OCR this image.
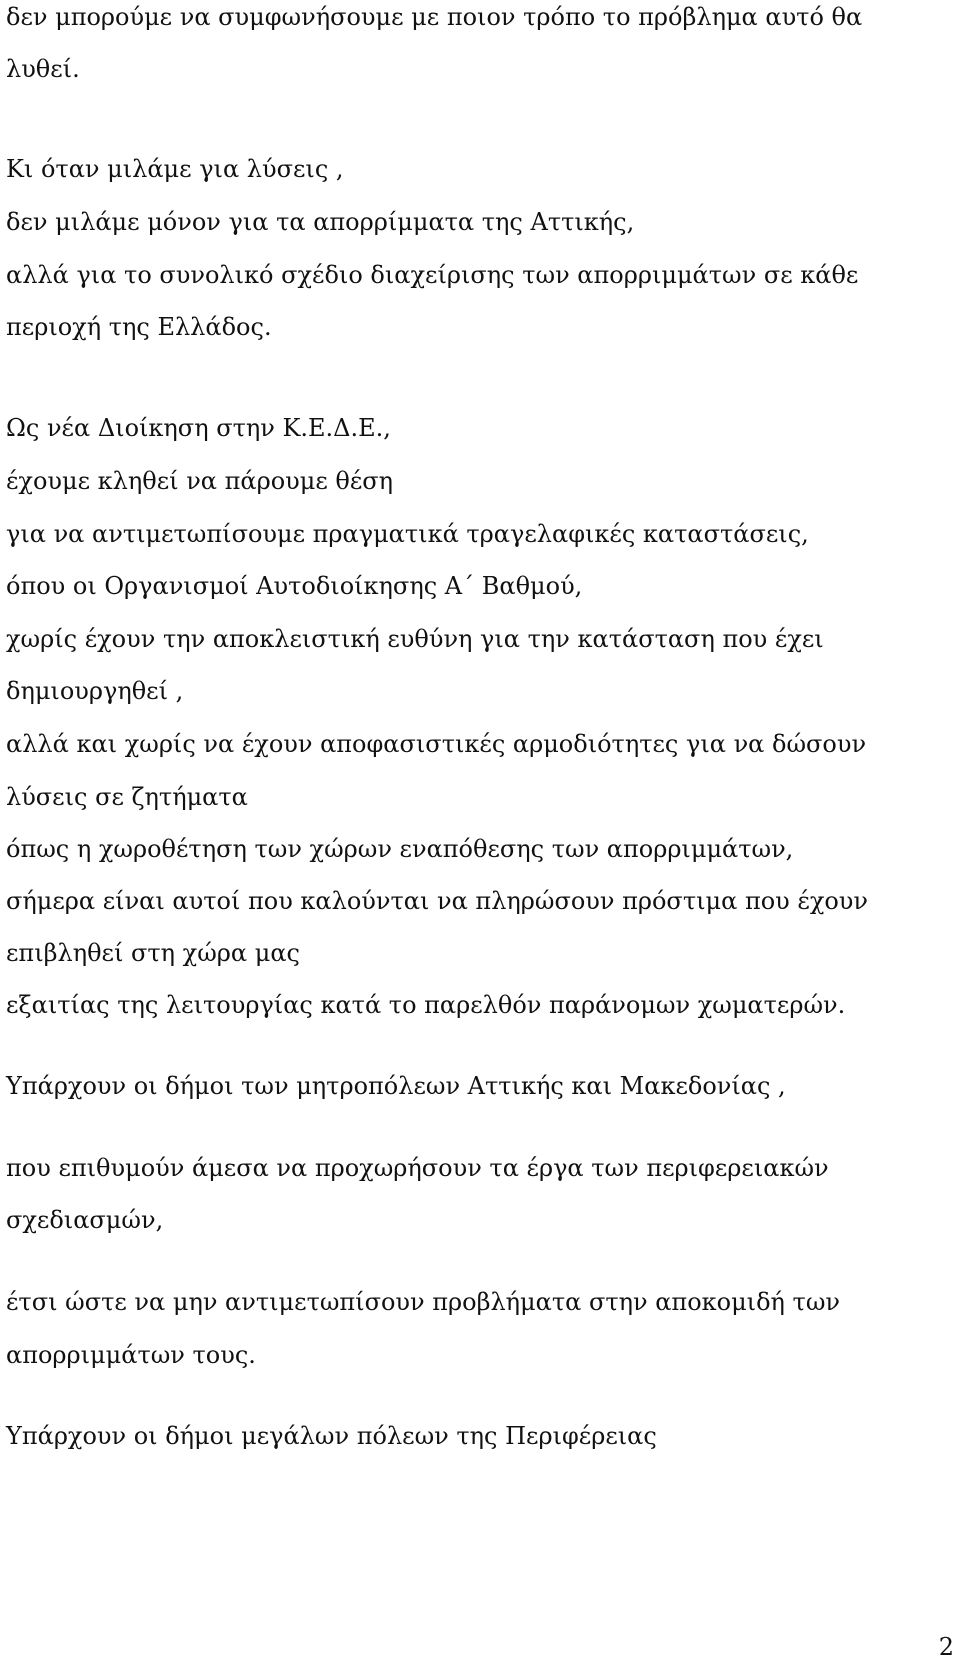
δεν μπορούμε να συμφωνήσουμε με ποιον τρόπο το πρόβλημα αυτό θα
λυθεί.
Κι όταν μιλάμε για λύσεις ,
δεν μιλάμε μόνον για τα απορρίμματα της Αττικής,
αλλά για το συνολικό σχέδιο διαχείρισης των απορριμμάτων σε κάθε
περιοχή της Ελλάδος.
Ως νέα Διοίκηση στην Κ.Ε.Δ.Ε.,
έχουμε κληθεί να πάρουμε θέση
για να αντιμετωπίσουμε πραγματικά τραγελαφικές καταστάσεις,
όπου οι Οργανισμοί Αυτοδιοίκησης Α΄ Βαθμού,
χωρίς έχουν την αποκλειστική ευθύνη για την κατάσταση που έχει
δημιουργηθεί ,
αλλά και χωρίς να έχουν αποφασιστικές αρμοδιότητες για να δώσουν
λύσεις σε ζητήματα
όπως η χωροθέτηση των χώρων εναπόθεσης των απορριμμάτων,
σήμερα είναι αυτοί που καλούνται να πληρώσουν πρόστιμα που έχουν
επιβληθεί στη χώρα μας
εξαιτίας της λειτουργίας κατά το παρελθόν παράνομων χωματερών.
Υπάρχουν οι δήμοι των μητροπόλεων Αττικής και Μακεδονίας ,
που επιθυμούν άμεσα να προχωρήσουν τα έργα των περιφερειακών
σχεδιασμών,
έτσι ώστε να μην αντιμετωπίσουν προβλήματα στην αποκομιδή των
απορριμμάτων τους.
Υπάρχουν οι δήμοι μεγάλων πόλεων της Περιφέρειας
2
